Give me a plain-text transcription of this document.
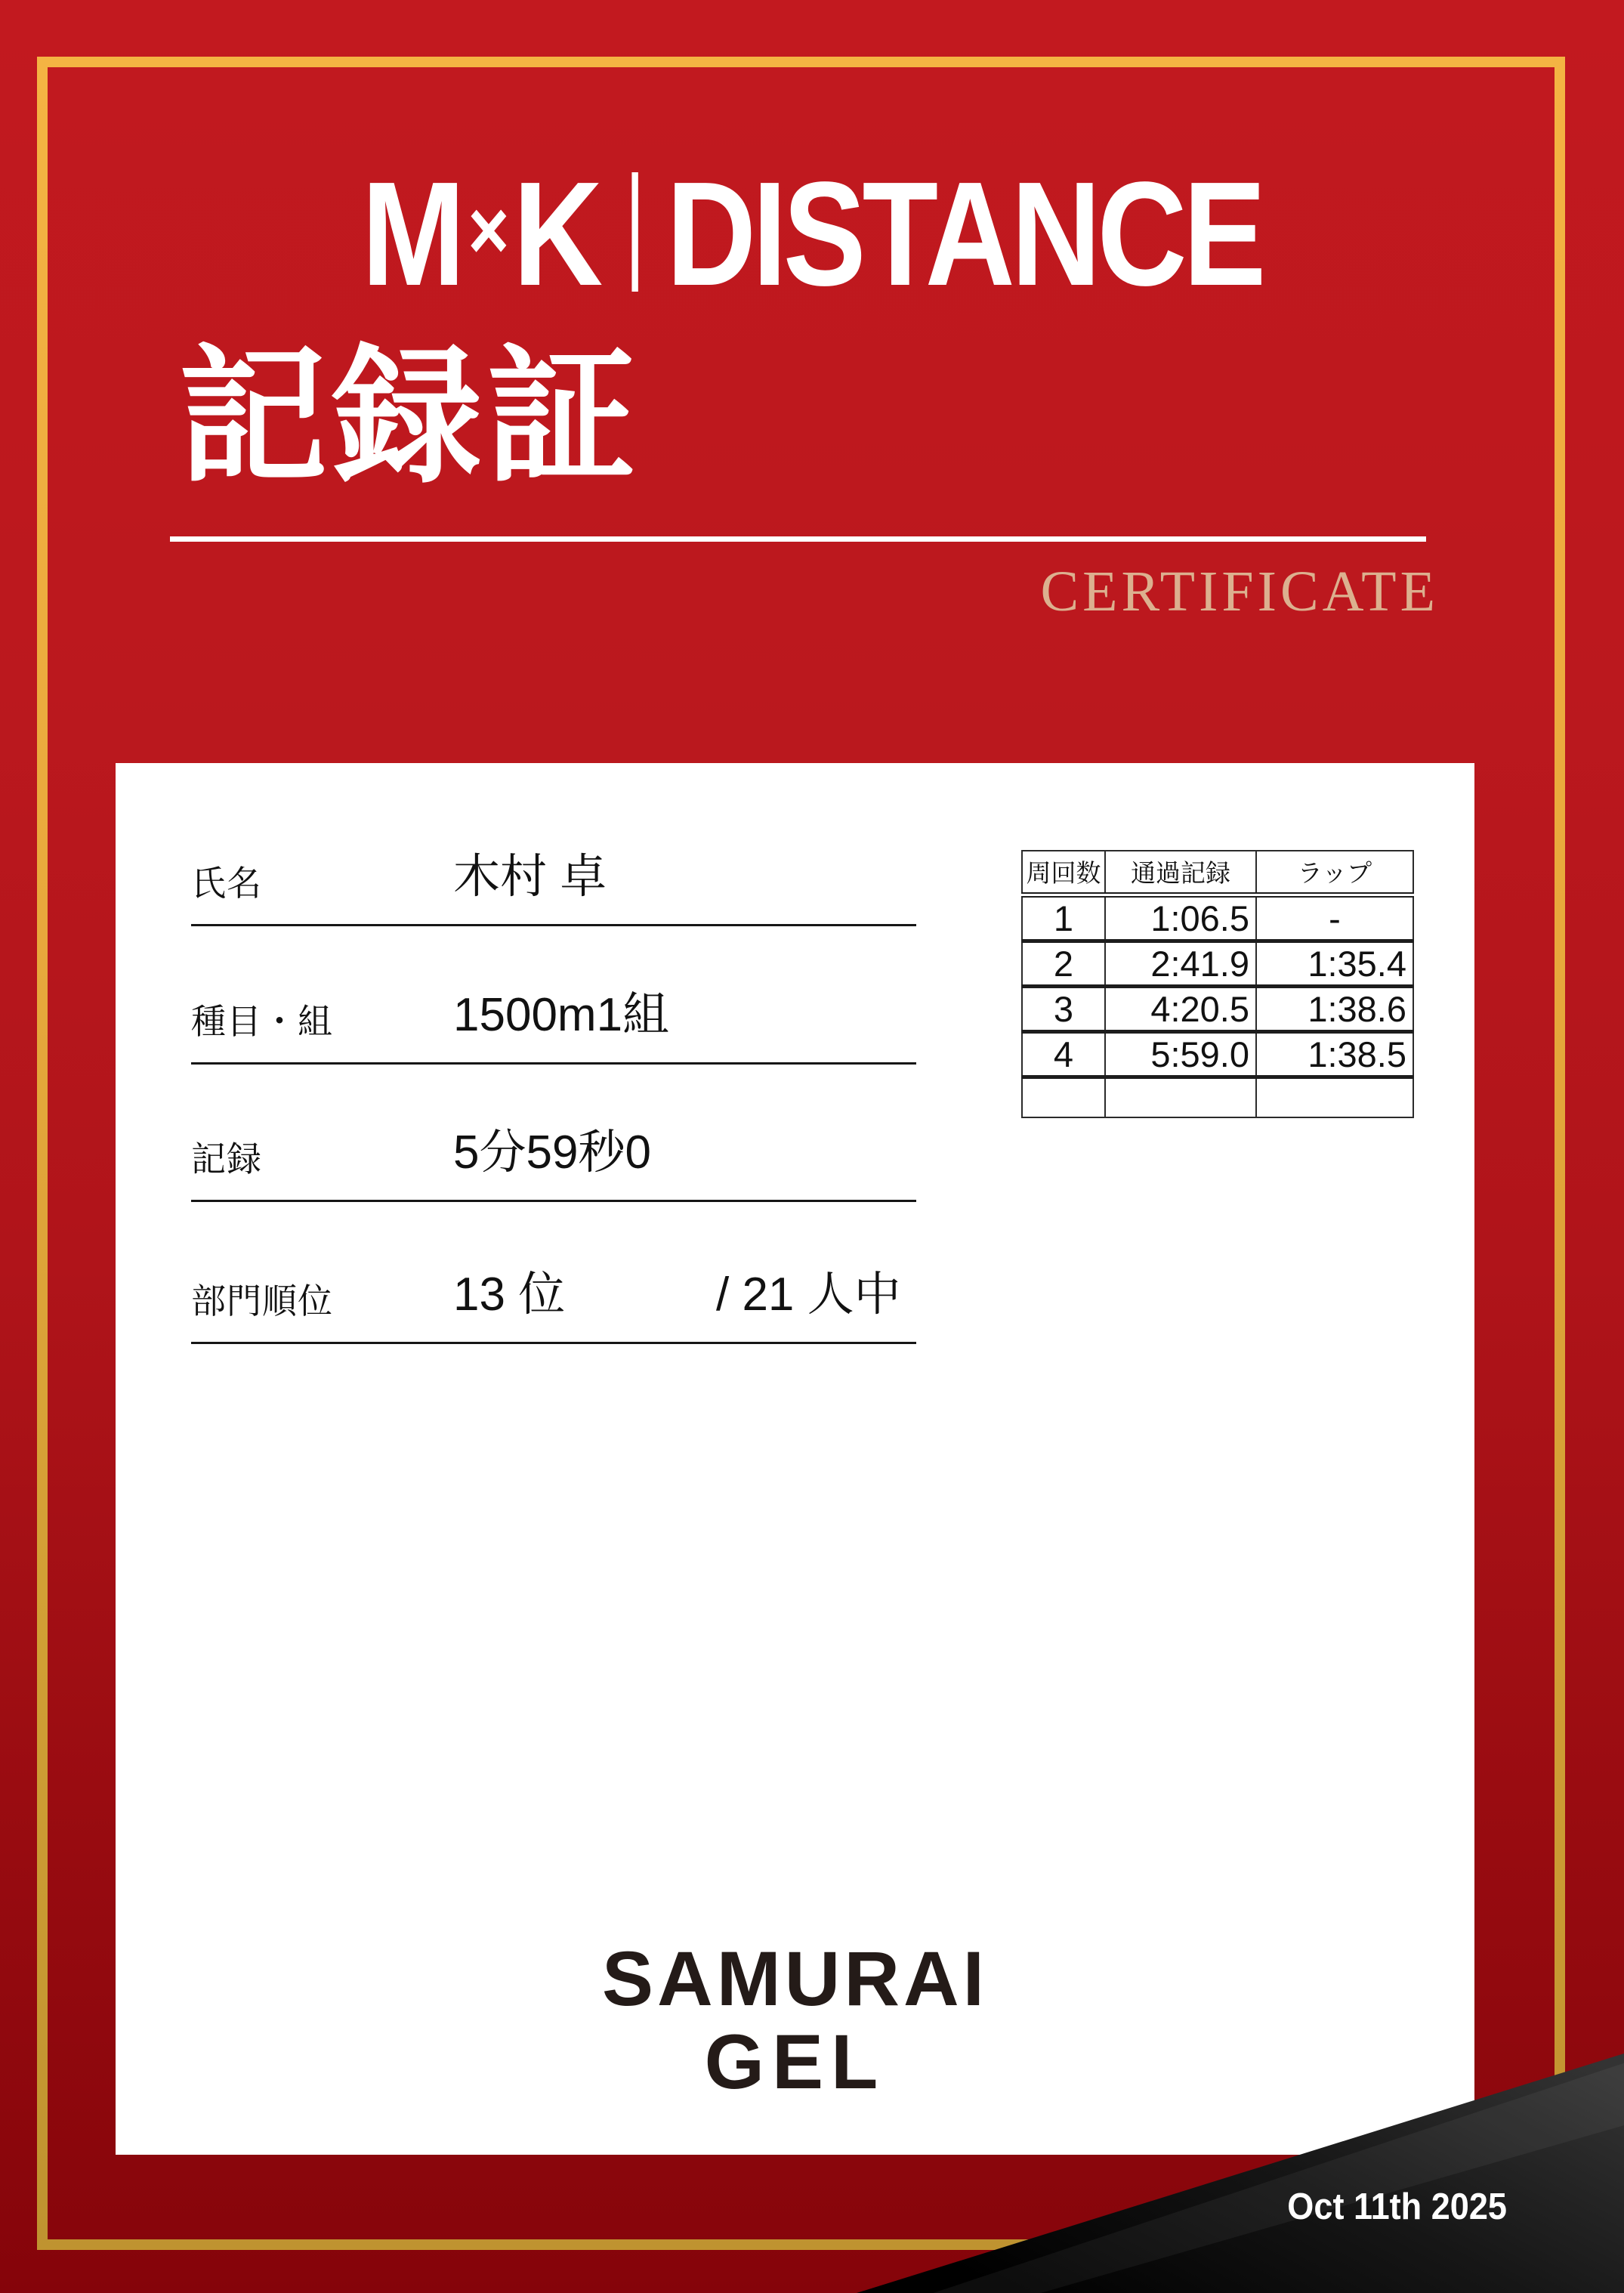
M × K DISTANCE
記録証
CERTIFICATE
氏名	木村 卓
種目・組	1500m1組
記録	5分59秒0
部門順位	13 位	/ 21 人中
周回数	通過記録	ラップ
1	1:06.5	-
2	2:41.9	1:35.4
3	4:20.5	1:38.6
4	5:59.0	1:38.5

SAMURAI
GEL
Oct 11th 2025
